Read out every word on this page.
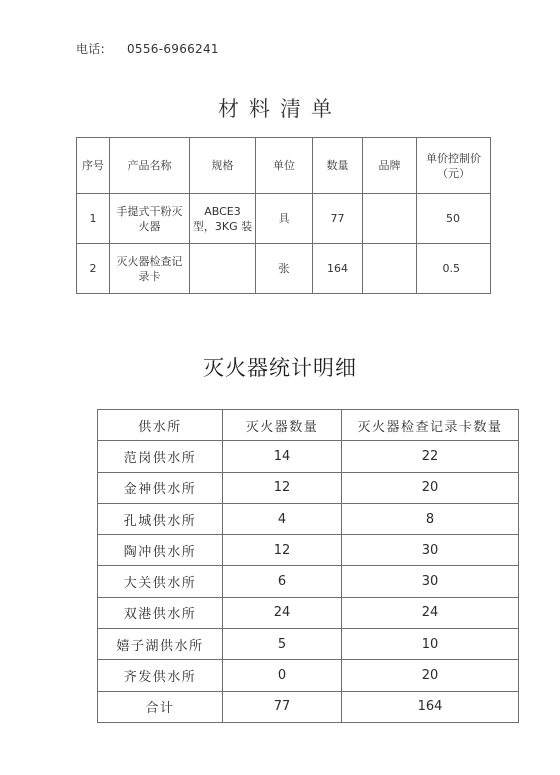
电话: 0556-6966241
材料清单
序号	产品名称	规格	单位	数量	品牌	单价控制价（元）
1	手提式干粉灭火器	ABCE3 型，3KG 装	具	77		50
2	灭火器检查记录卡		张	164		0.5
灭火器统计明细
供水所	灭火器数量	灭火器检查记录卡数量
范岗供水所	14	22
金神供水所	12	20
孔城供水所	4	8
陶冲供水所	12	30
大关供水所	6	30
双港供水所	24	24
嬉子湖供水所	5	10
齐发供水所	0	20
合计	77	164
